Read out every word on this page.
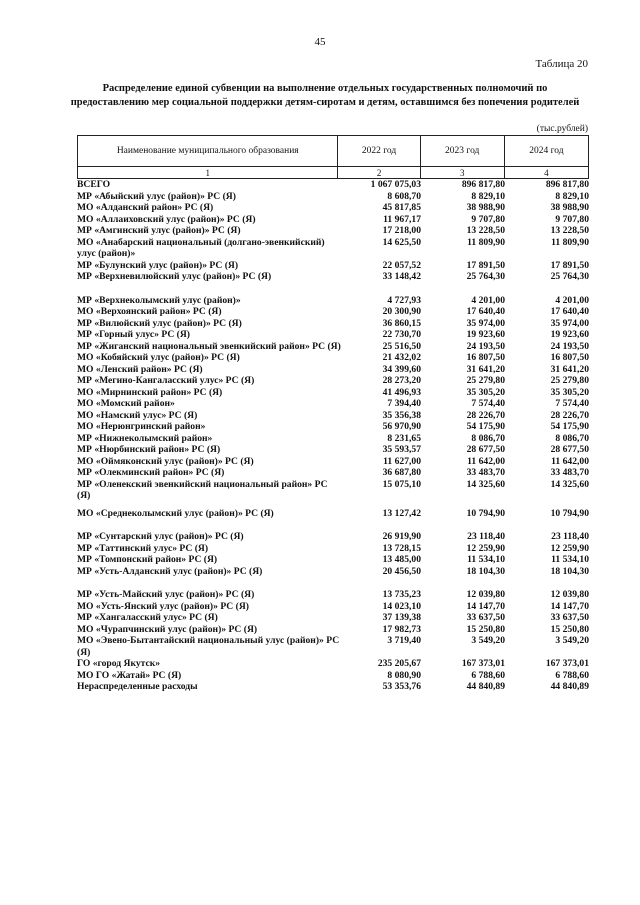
45
Таблица 20
Распределение единой субвенции на выполнение отдельных государственных полномочий по предоставлению мер социальной поддержки детям-сиротам и детям, оставшимся без попечения родителей
(тыс.рублей)
Наименование муниципального образования	2022 год	2023 год	2024 год
1	2	3	4
ВСЕГО	1 067 075,03	896 817,80	896 817,80
МР «Абыйский улус (район)» РС (Я)	8 608,70	8 829,10	8 829,10
МО «Алданский район» РС (Я)	45 817,85	38 988,90	38 988,90
МО «Аллаиховский улус (район)» РС (Я)	11 967,17	9 707,80	9 707,80
МР «Амгинский улус (район)» РС (Я)	17 218,00	13 228,50	13 228,50
МО «Анабарский национальный (долгано-эвенкийский) улус (район)»
14 625,50	11 809,90	11 809,90
МР «Булунский улус (район)» РС (Я)	22 057,52	17 891,50	17 891,50
МР «Верхневилюйский улус (район)» РС (Я)	33 148,42	25 764,30	25 764,30
МР «Верхнеколымский улус (район)»	4 727,93	4 201,00	4 201,00
МО «Верхоянский район» РС (Я)	20 300,90	17 640,40	17 640,40
МР «Вилюйский улус (район)» РС (Я)	36 860,15	35 974,00	35 974,00
МР «Горный улус» РС (Я)	22 730,70	19 923,60	19 923,60
МР «Жиганский национальный эвенкийский район» РС (Я)	25 516,50	24 193,50	24 193,50
МО «Кобяйский улус (район)» РС (Я)	21 432,02	16 807,50	16 807,50
МО «Ленский район» РС (Я)	34 399,60	31 641,20	31 641,20
МР «Мегино-Кангаласский улус» РС (Я)	28 273,20	25 279,80	25 279,80
МО «Мирнинский район» РС (Я)	41 496,93	35 305,20	35 305,20
МО «Момский район»	7 394,40	7 574,40	7 574,40
МО «Намский улус» РС (Я)	35 356,38	28 226,70	28 226,70
МО «Нерюнгринский район»	56 970,90	54 175,90	54 175,90
МР «Нижнеколымский район»	8 231,65	8 086,70	8 086,70
МР «Нюрбинский район» РС (Я)	35 593,57	28 677,50	28 677,50
МО «Оймяконский улус (район)» РС (Я)	11 627,00	11 642,00	11 642,00
МР «Олекминский район» РС (Я)	36 687,80	33 483,70	33 483,70
МР «Оленекский эвенкийский национальный район» РС (Я)
15 075,10	14 325,60	14 325,60
МО «Среднеколымский улус (район)» РС (Я)	13 127,42	10 794,90	10 794,90
МР «Сунтарский улус (район)» РС (Я)	26 919,90	23 118,40	23 118,40
МР «Таттинский улус» РС (Я)	13 728,15	12 259,90	12 259,90
МР «Томпонский район» РС (Я)	13 485,00	11 534,10	11 534,10
МР «Усть-Алданский улус (район)» РС (Я)	20 456,50	18 104,30	18 104,30
МР «Усть-Майский улус (район)» РС (Я)	13 735,23	12 039,80	12 039,80
МО «Усть-Янский улус (район)» РС (Я)	14 023,10	14 147,70	14 147,70
МР «Хангаласский улус» РС (Я)	37 139,38	33 637,50	33 637,50
МО «Чурапчинский улус (район)» РС (Я)	17 982,73	15 250,80	15 250,80
МО «Эвено-Бытантайский национальный улус (район)» РС (Я)
3 719,40	3 549,20	3 549,20
ГО «город Якутск»	235 205,67	167 373,01	167 373,01
МО ГО «Жатай» РС (Я)	8 080,90	6 788,60	6 788,60
Нераспределенные расходы	53 353,76	44 840,89	44 840,89
